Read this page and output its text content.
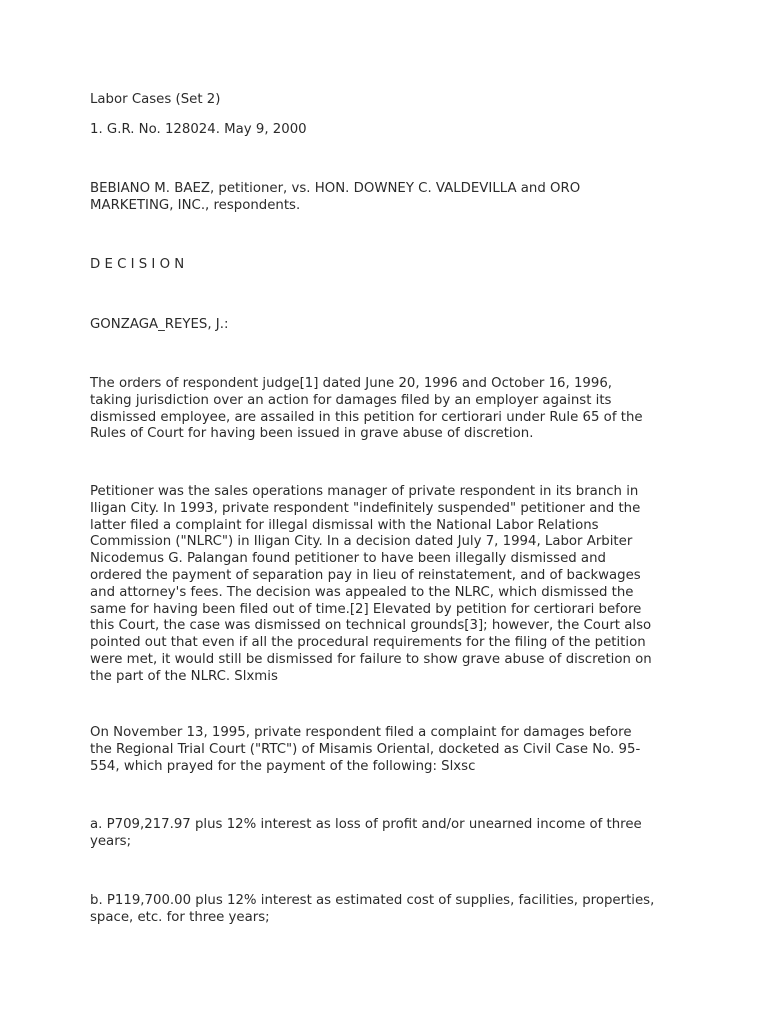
Labor Cases (Set 2)

1. G.R. No. 128024. May 9, 2000

BEBIANO M. BAEZ, petitioner, vs. HON. DOWNEY C. VALDEVILLA and ORO
MARKETING, INC., respondents.

D E C I S I O N

GONZAGA_REYES, J.:

The orders of respondent judge[1] dated June 20, 1996 and October 16, 1996,
taking jurisdiction over an action for damages filed by an employer against its
dismissed employee, are assailed in this petition for certiorari under Rule 65 of the
Rules of Court for having been issued in grave abuse of discretion.

Petitioner was the sales operations manager of private respondent in its branch in
Iligan City. In 1993, private respondent "indefinitely suspended" petitioner and the
latter filed a complaint for illegal dismissal with the National Labor Relations
Commission ("NLRC") in Iligan City. In a decision dated July 7, 1994, Labor Arbiter
Nicodemus G. Palangan found petitioner to have been illegally dismissed and
ordered the payment of separation pay in lieu of reinstatement, and of backwages
and attorney's fees. The decision was appealed to the NLRC, which dismissed the
same for having been filed out of time.[2] Elevated by petition for certiorari before
this Court, the case was dismissed on technical grounds[3]; however, the Court also
pointed out that even if all the procedural requirements for the filing of the petition
were met, it would still be dismissed for failure to show grave abuse of discretion on
the part of the NLRC. Slxmis

On November 13, 1995, private respondent filed a complaint for damages before
the Regional Trial Court ("RTC") of Misamis Oriental, docketed as Civil Case No. 95-
554, which prayed for the payment of the following: Slxsc

a. P709,217.97 plus 12% interest as loss of profit and/or unearned income of three
years;

b. P119,700.00 plus 12% interest as estimated cost of supplies, facilities, properties,
space, etc. for three years;
